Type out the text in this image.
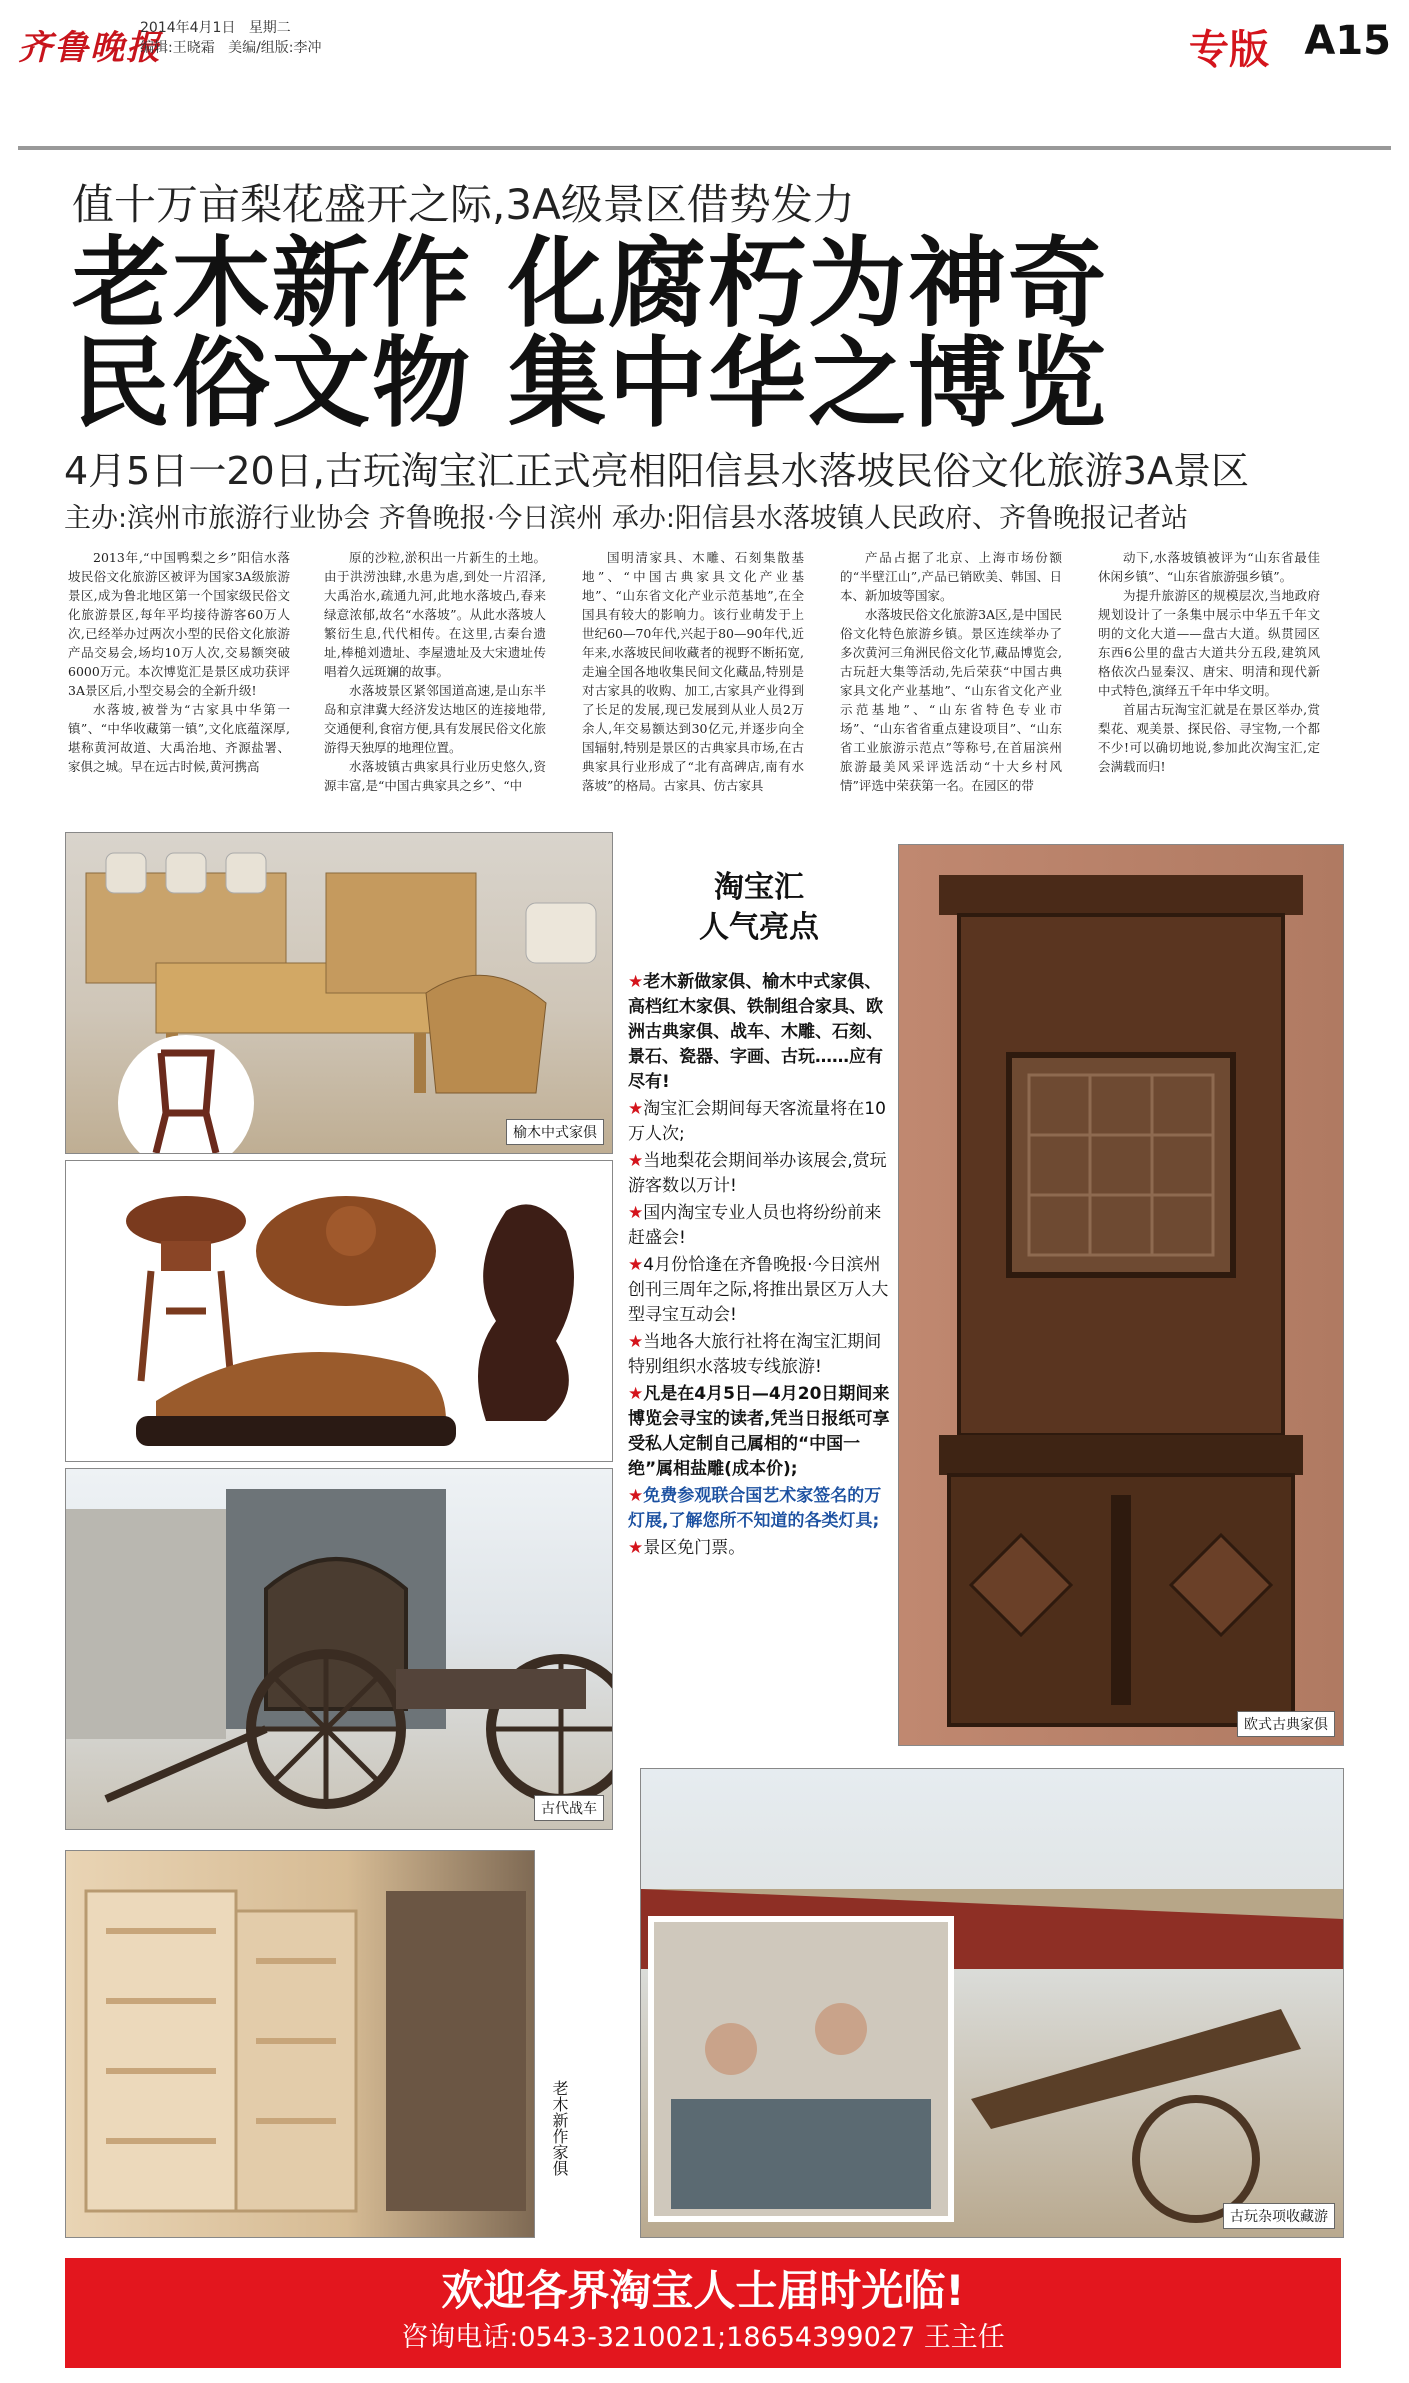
齐鲁晚报
2014年4月1日 星期二
编辑:王晓霜 美编/组版:李冲	专版 A15
值十万亩梨花盛开之际,3A级景区借势发力
老木新作 化腐朽为神奇
民俗文物 集中华之博览
4月5日一20日,古玩淘宝汇正式亮相阳信县水落坡民俗文化旅游3A景区
主办:滨州市旅游行业协会 齐鲁晚报·今日滨州 承办:阳信县水落坡镇人民政府、齐鲁晚报记者站

2013年,“中国鸭梨之乡”阳信水落坡民俗文化旅游区被评为国家3A级旅游景区,成为鲁北地区第一个国家级民俗文化旅游景区,每年平均接待游客60万人次,已经举办过两次小型的民俗文化旅游产品交易会,场均10万人次,交易额突破6000万元。本次博览汇是景区成功获评3A景区后,小型交易会的全新升级!

水落坡,被誉为“古家具中华第一镇”、“中华收藏第一镇”,文化底蕴深厚,堪称黄河故道、大禹治地、齐源盐署、家俱之城。早在远古时候,黄河携高

原的沙粒,淤积出一片新生的土地。由于洪涝浊肆,水患为虐,到处一片沼泽,大禹治水,疏通九河,此地水落坡凸,春来绿意浓郁,故名“水落坡”。从此水落坡人繁衍生息,代代相传。在这里,古秦台遗址,棒槌刘遗址、李屋遗址及大宋遗址传唱着久远斑斓的故事。

水落坡景区紧邻国道高速,是山东半岛和京津冀大经济发达地区的连接地带,交通便利,食宿方便,具有发展民俗文化旅游得天独厚的地理位置。

水落坡镇古典家具行业历史悠久,资源丰富,是“中国古典家具之乡”、“中

国明清家具、木雕、石刻集散基地”、“中国古典家具文化产业基地”、“山东省文化产业示范基地”,在全国具有较大的影响力。该行业萌发于上世纪60—70年代,兴起于80—90年代,近年来,水落坡民间收藏者的视野不断拓宽,走遍全国各地收集民间文化藏品,特别是对古家具的收购、加工,古家具产业得到了长足的发展,现已发展到从业人员2万余人,年交易额达到30亿元,并逐步向全国辐射,特别是景区的古典家具市场,在古典家具行业形成了“北有高碑店,南有水落坡”的格局。古家具、仿古家具

产品占据了北京、上海市场份额的“半壁江山”,产品已销欧美、韩国、日本、新加坡等国家。

水落坡民俗文化旅游3A区,是中国民俗文化特色旅游乡镇。景区连续举办了多次黄河三角洲民俗文化节,藏品博览会,古玩赶大集等活动,先后荣获“中国古典家具文化产业基地”、“山东省文化产业示范基地”、“山东省特色专业市场”、“山东省省重点建设项目”、“山东省工业旅游示范点”等称号,在首届滨州旅游最美风采评选活动“十大乡村风情”评选中荣获第一名。在园区的带

动下,水落坡镇被评为“山东省最佳休闲乡镇”、“山东省旅游强乡镇”。

为提升旅游区的规模层次,当地政府规划设计了一条集中展示中华五千年文明的文化大道——盘古大道。纵贯园区东西6公里的盘古大道共分五段,建筑风格依次凸显秦汉、唐宋、明清和现代新中式特色,演绎五千年中华文明。

首届古玩淘宝汇就是在景区举办,赏梨花、观美景、探民俗、寻宝物,一个都不少!可以确切地说,参加此次淘宝汇,定会满载而归!

榆木中式家俱
古代战车
淘宝汇
人气亮点
★老木新做家俱、榆木中式家俱、高档红木家俱、铁制组合家具、欧洲古典家俱、战车、木雕、石刻、景石、瓷器、字画、古玩……应有尽有!
★淘宝汇会期间每天客流量将在10万人次;
★当地梨花会期间举办该展会,赏玩游客数以万计!
★国内淘宝专业人员也将纷纷前来赶盛会!
★4月份恰逢在齐鲁晚报·今日滨州创刊三周年之际,将推出景区万人大型寻宝互动会!
★当地各大旅行社将在淘宝汇期间特别组织水落坡专线旅游!
★凡是在4月5日—4月20日期间来博览会寻宝的读者,凭当日报纸可享受私人定制自己属相的“中国一绝”属相盐雕(成本价);
★免费参观联合国艺术家签名的万灯展,了解您所不知道的各类灯具;
★景区免门票。
欧式古典家俱
老木新作家俱
古玩杂项收藏游
欢迎各界淘宝人士届时光临!
咨询电话:0543-3210021;18654399027 王主任
